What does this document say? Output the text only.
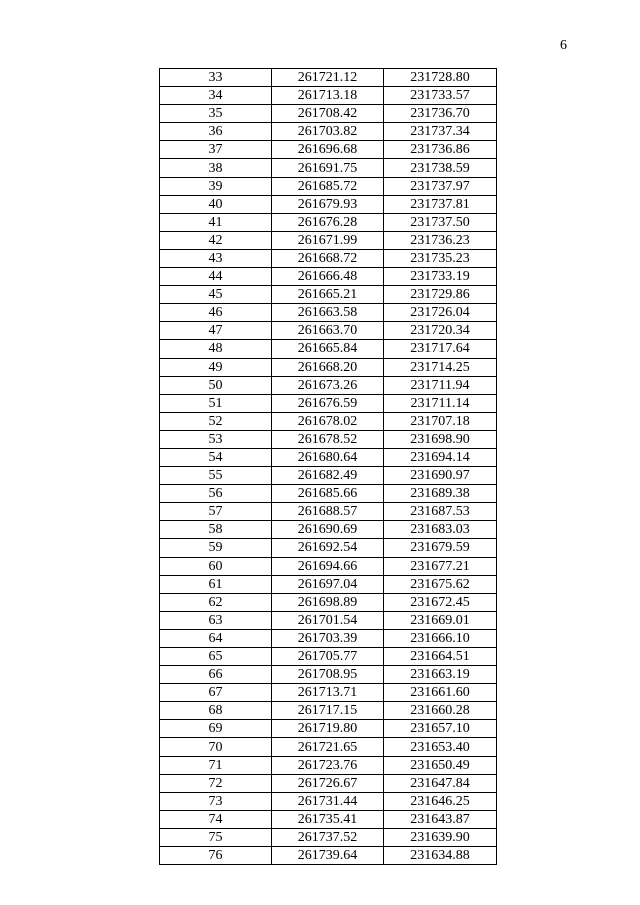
6
33	261721.12	231728.80
34	261713.18	231733.57
35	261708.42	231736.70
36	261703.82	231737.34
37	261696.68	231736.86
38	261691.75	231738.59
39	261685.72	231737.97
40	261679.93	231737.81
41	261676.28	231737.50
42	261671.99	231736.23
43	261668.72	231735.23
44	261666.48	231733.19
45	261665.21	231729.86
46	261663.58	231726.04
47	261663.70	231720.34
48	261665.84	231717.64
49	261668.20	231714.25
50	261673.26	231711.94
51	261676.59	231711.14
52	261678.02	231707.18
53	261678.52	231698.90
54	261680.64	231694.14
55	261682.49	231690.97
56	261685.66	231689.38
57	261688.57	231687.53
58	261690.69	231683.03
59	261692.54	231679.59
60	261694.66	231677.21
61	261697.04	231675.62
62	261698.89	231672.45
63	261701.54	231669.01
64	261703.39	231666.10
65	261705.77	231664.51
66	261708.95	231663.19
67	261713.71	231661.60
68	261717.15	231660.28
69	261719.80	231657.10
70	261721.65	231653.40
71	261723.76	231650.49
72	261726.67	231647.84
73	261731.44	231646.25
74	261735.41	231643.87
75	261737.52	231639.90
76	261739.64	231634.88
